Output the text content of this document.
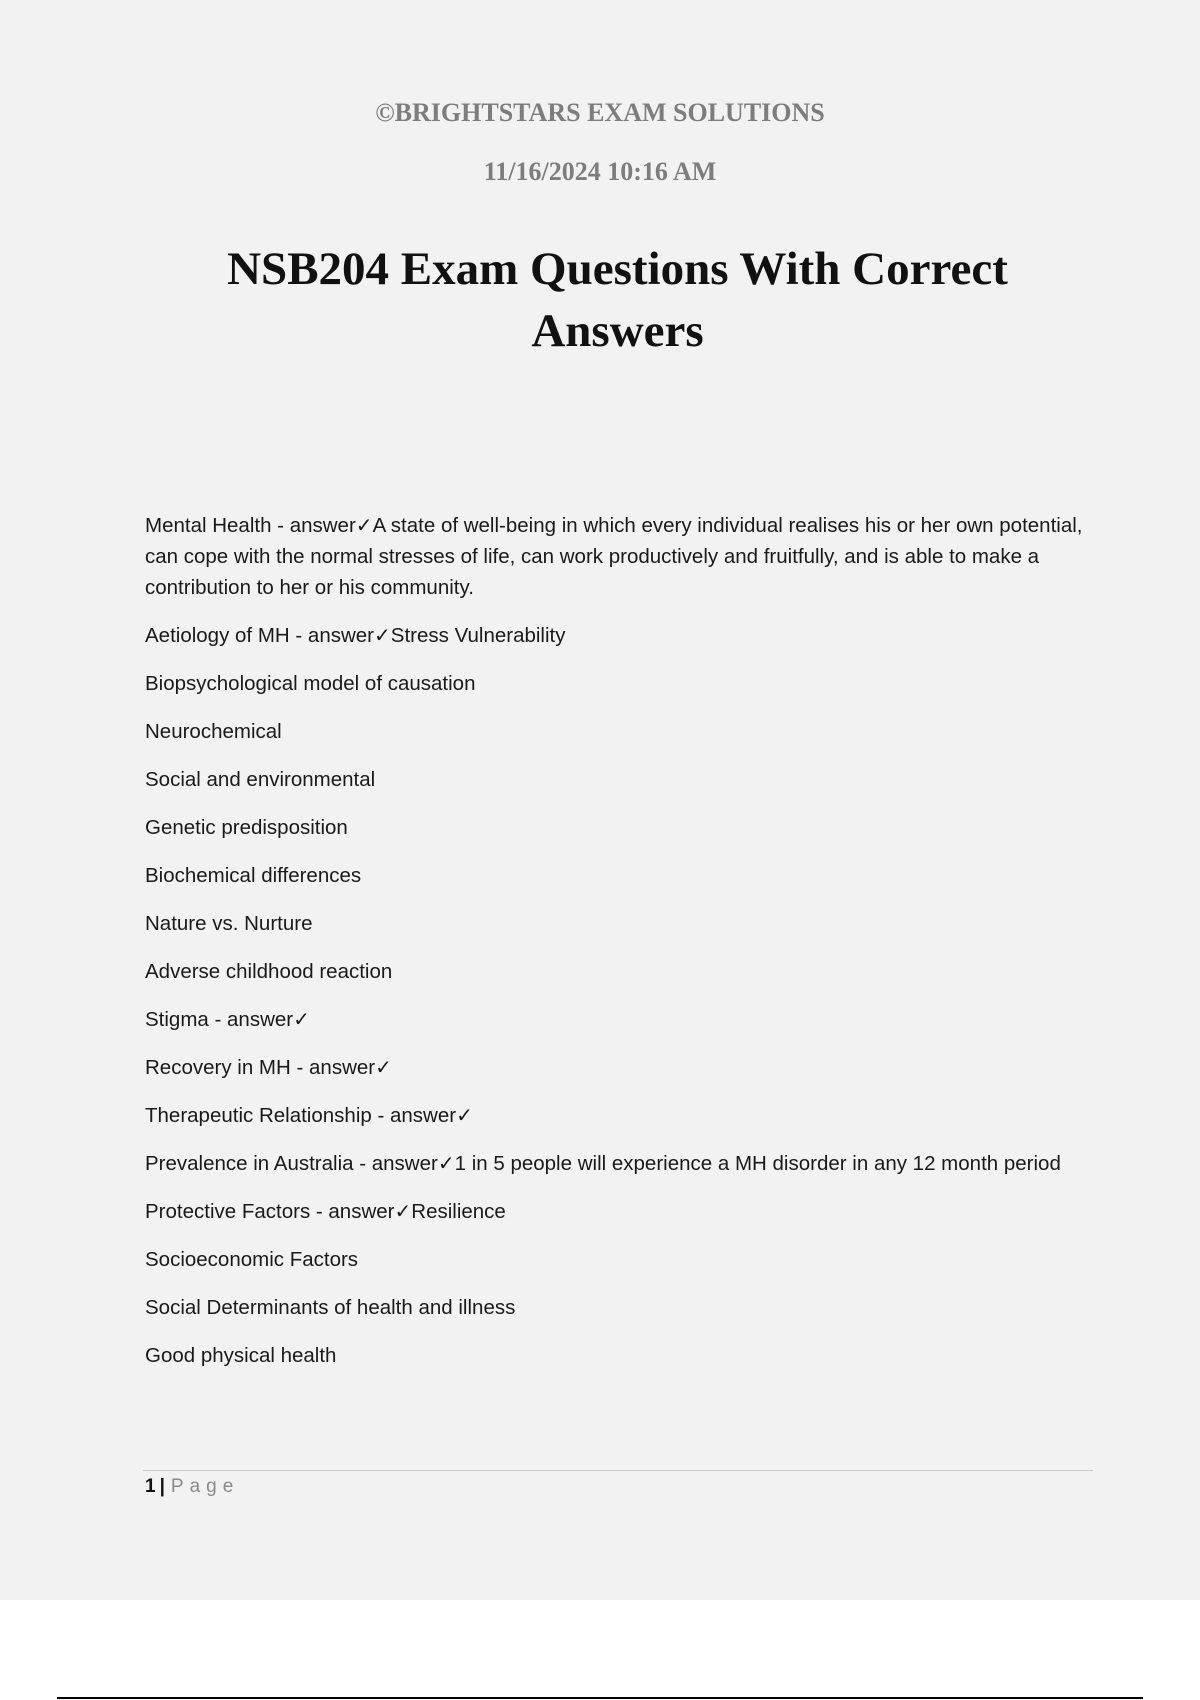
©BRIGHTSTARS EXAM SOLUTIONS
11/16/2024 10:16 AM
NSB204 Exam Questions With Correct Answers

Mental Health - answer✓A state of well-being in which every individual realises his or her own potential, can cope with the normal stresses of life, can work productively and fruitfully, and is able to make a contribution to her or his community.

Aetiology of MH - answer✓Stress Vulnerability

Biopsychological model of causation

Neurochemical

Social and environmental

Genetic predisposition

Biochemical differences

Nature vs. Nurture

Adverse childhood reaction

Stigma - answer✓

Recovery in MH - answer✓

Therapeutic Relationship - answer✓

Prevalence in Australia - answer✓1 in 5 people will experience a MH disorder in any 12 month period

Protective Factors - answer✓Resilience

Socioeconomic Factors

Social Determinants of health and illness

Good physical health

1 | Page
